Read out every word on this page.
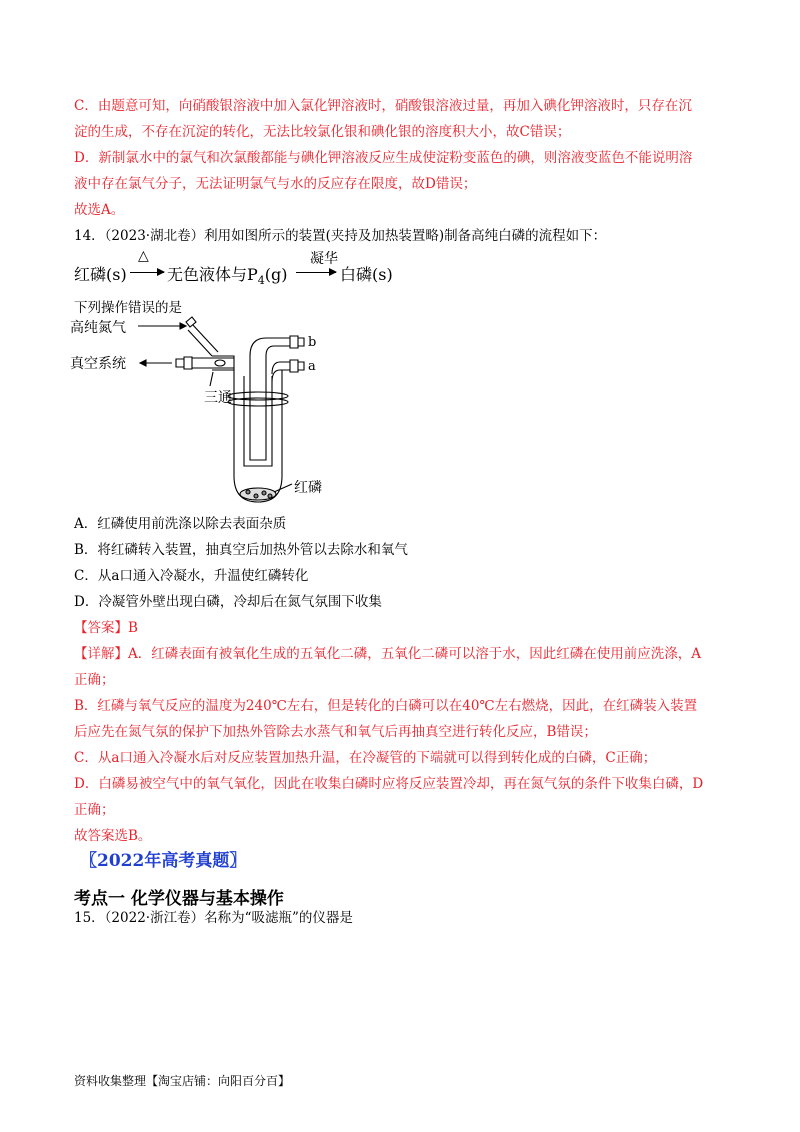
C．由题意可知，向硝酸银溶液中加入氯化钾溶液时，硝酸银溶液过量，再加入碘化钾溶液时，只存在沉
淀的生成，不存在沉淀的转化，无法比较氯化银和碘化银的溶度积大小，故C错误；
D．新制氯水中的氯气和次氯酸都能与碘化钾溶液反应生成使淀粉变蓝色的碘，则溶液变蓝色不能说明溶
液中存在氯气分子，无法证明氯气与水的反应存在限度，故D错误；
故选A。
14．（2023·湖北卷）利用如图所示的装置(夹持及加热装置略)制备高纯白磷的流程如下：
红磷(s)
△
无色液体与$P_4(g)$
凝华
白磷(s)
下列操作错误的是
高纯氮气
真空系统
三通
b
a
红磷
A．红磷使用前洗涤以除去表面杂质
B．将红磷转入装置，抽真空后加热外管以去除水和氧气
C．从a口通入冷凝水，升温使红磷转化
D．冷凝管外壁出现白磷，冷却后在氮气氛围下收集
【答案】B
【详解】A．红磷表面有被氧化生成的五氧化二磷，五氧化二磷可以溶于水，因此红磷在使用前应洗涤，A
正确；
B．红磷与氧气反应的温度为240℃左右，但是转化的白磷可以在40℃左右燃烧，因此，在红磷装入装置
后应先在氮气氛的保护下加热外管除去水蒸气和氧气后再抽真空进行转化反应，B错误；
C．从a口通入冷凝水后对反应装置加热升温，在冷凝管的下端就可以得到转化成的白磷，C正确；
D．白磷易被空气中的氧气氧化，因此在收集白磷时应将反应装置冷却，再在氮气氛的条件下收集白磷，D
正确；
故答案选B。
〖2022年高考真题〗
考点一 化学仪器与基本操作
15．（2022·浙江卷）名称为“吸滤瓶”的仪器是
资料收集整理【淘宝店铺：向阳百分百】
